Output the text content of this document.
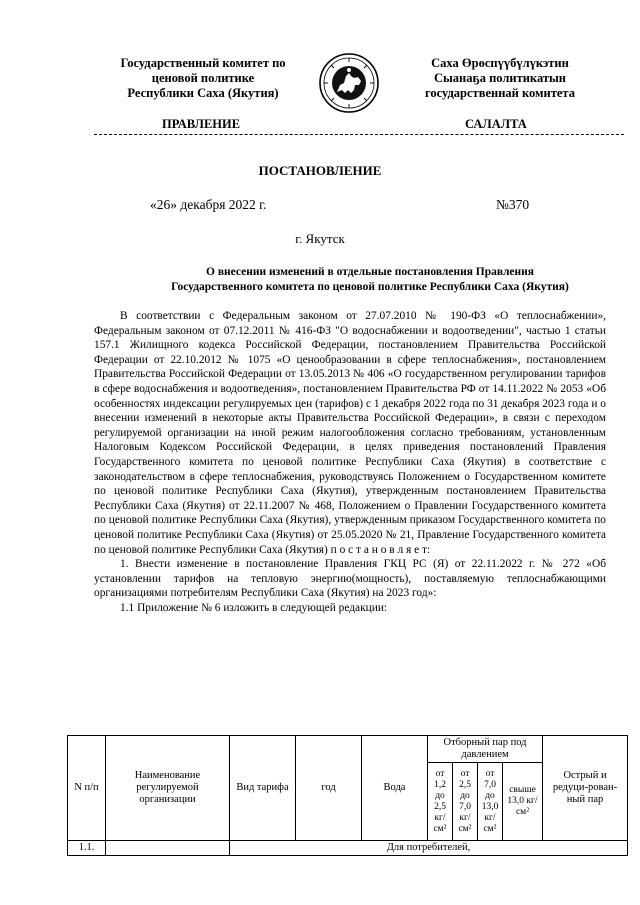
Государственный комитет по
ценовой политике
Республики Саха (Якутия)
Саха Өрөспүүбүлүкэтин
Сыанаҕа политикатын
государственнай комитета
ПРАВЛЕНИЕ	САЛАЛТА
ПОСТАНОВЛЕНИЕ
«26» декабря 2022 г.	№370
г. Якутск
О внесении изменений в отдельные постановления Правления
Государственного комитета по ценовой политике Республики Саха (Якутия)

В соответствии с Федеральным законом от 27.07.2010 № 190-ФЗ «О теплоснабжении», Федеральным законом от 07.12.2011 № 416-ФЗ "О водоснабжении и водоотведении", частью 1 статьи 157.1 Жилищного кодекса Российской Федерации, постановлением Правительства Российской Федерации от 22.10.2012 № 1075 «О ценообразовании в сфере теплоснабжения», постановлением Правительства Российской Федерации от 13.05.2013 № 406 «О государственном регулировании тарифов в сфере водоснабжения и водоотведения», постановлением Правительства РФ от 14.11.2022 № 2053 «Об особенностях индексации регулируемых цен (тарифов) с 1 декабря 2022 года по 31 декабря 2023 года и о внесении изменений в некоторые акты Правительства Российской Федерации», в связи с переходом регулируемой организации на иной режим налогообложения согласно требованиям, установленным Налоговым Кодексом Российской Федерации, в целях приведения постановлений Правления Государственного комитета по ценовой политике Республики Саха (Якутия) в соответствие с законодательством в сфере теплоснабжения, руководствуясь Положением о Государственном комитете по ценовой политике Республики Саха (Якутия), утвержденным постановлением Правительства Республики Саха (Якутия) от 22.11.2007 № 468, Положением о Правлении Государственного комитета по ценовой политике Республики Саха (Якутия), утвержденным приказом Государственного комитета по ценовой политике Республики Саха (Якутия) от 25.05.2020 № 21, Правление Государственного комитета по ценовой политике Республики Саха (Якутия) п о с т а н о в л я е т:

1. Внести изменение в постановление Правления ГКЦ РС (Я) от 22.11.2022 г. № 272 «Об установлении тарифов на тепловую энергию(мощность), поставляемую теплоснабжающими организациями потребителям Республики Саха (Якутия) на 2023 год»:

1.1 Приложение № 6 изложить в следующей редакции:

N п/п	Наименование регулируемой организации	Вид тарифа	год	Вода	Отборный пар под давлением				Острый и редуци-рован-ный пар
					от 1,2 до 2,5 кг/см²	от 2,5 до 7,0 кг/см²	от 7,0 до 13,0 кг/см²	свыше 13,0 кг/ см²	
1.1.		Для потребителей,							
